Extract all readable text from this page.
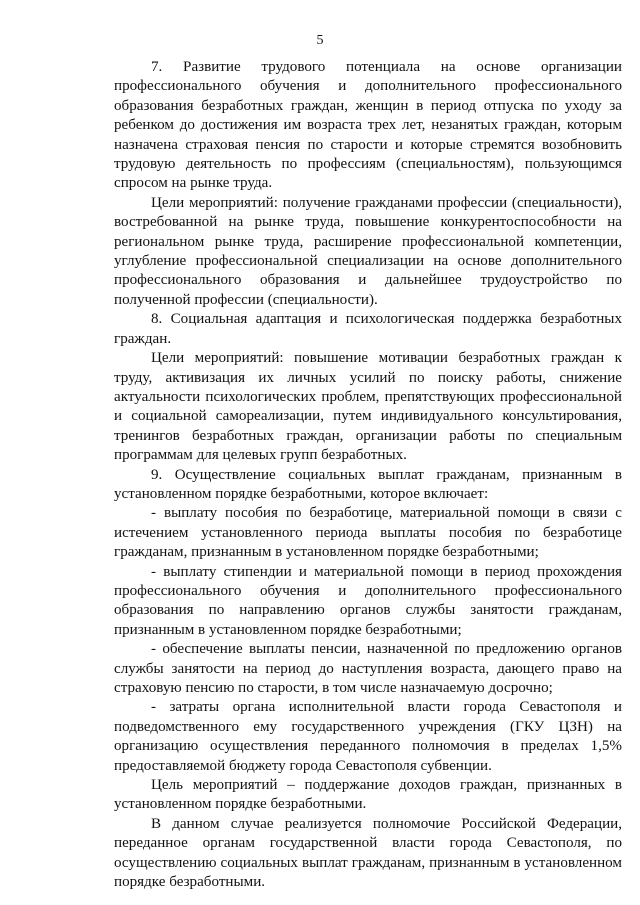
5

7. Развитие трудового потенциала на основе организации профессионального обучения и дополнительного профессионального образования безработных граждан, женщин в период отпуска по уходу за ребенком до достижения им возраста трех лет, незанятых граждан, которым назначена страховая пенсия по старости и которые стремятся возобновить трудовую деятельность по профессиям (специальностям), пользующимся спросом на рынке труда.

Цели мероприятий: получение гражданами профессии (специальности), востребованной на рынке труда, повышение конкурентоспособности на региональном рынке труда, расширение профессиональной компетенции, углубление профессиональной специализации на основе дополнительного профессионального образования и дальнейшее трудоустройство по полученной профессии (специальности).

8. Социальная адаптация и психологическая поддержка безработных граждан.

Цели мероприятий: повышение мотивации безработных граждан к труду, активизация их личных усилий по поиску работы, снижение актуальности психологических проблем, препятствующих профессиональной и социальной самореализации, путем индивидуального консультирования, тренингов безработных граждан, организации работы по специальным программам для целевых групп безработных.

9. Осуществление социальных выплат гражданам, признанным в установленном порядке безработными, которое включает:

- выплату пособия по безработице, материальной помощи в связи с истечением установленного периода выплаты пособия по безработице гражданам, признанным в установленном порядке безработными;

- выплату стипендии и материальной помощи в период прохождения профессионального обучения и дополнительного профессионального образования по направлению органов службы занятости гражданам, признанным в установленном порядке безработными;

- обеспечение выплаты пенсии, назначенной по предложению органов службы занятости на период до наступления возраста, дающего право на страховую пенсию по старости, в том числе назначаемую досрочно;

- затраты органа исполнительной власти города Севастополя и подведомственного ему государственного учреждения (ГКУ ЦЗН) на организацию осуществления переданного полномочия в пределах 1,5% предоставляемой бюджету города Севастополя субвенции.

Цель мероприятий – поддержание доходов граждан, признанных в установленном порядке безработными.

В данном случае реализуется полномочие Российской Федерации, переданное органам государственной власти города Севастополя, по осуществлению социальных выплат гражданам, признанным в установленном порядке безработными.
